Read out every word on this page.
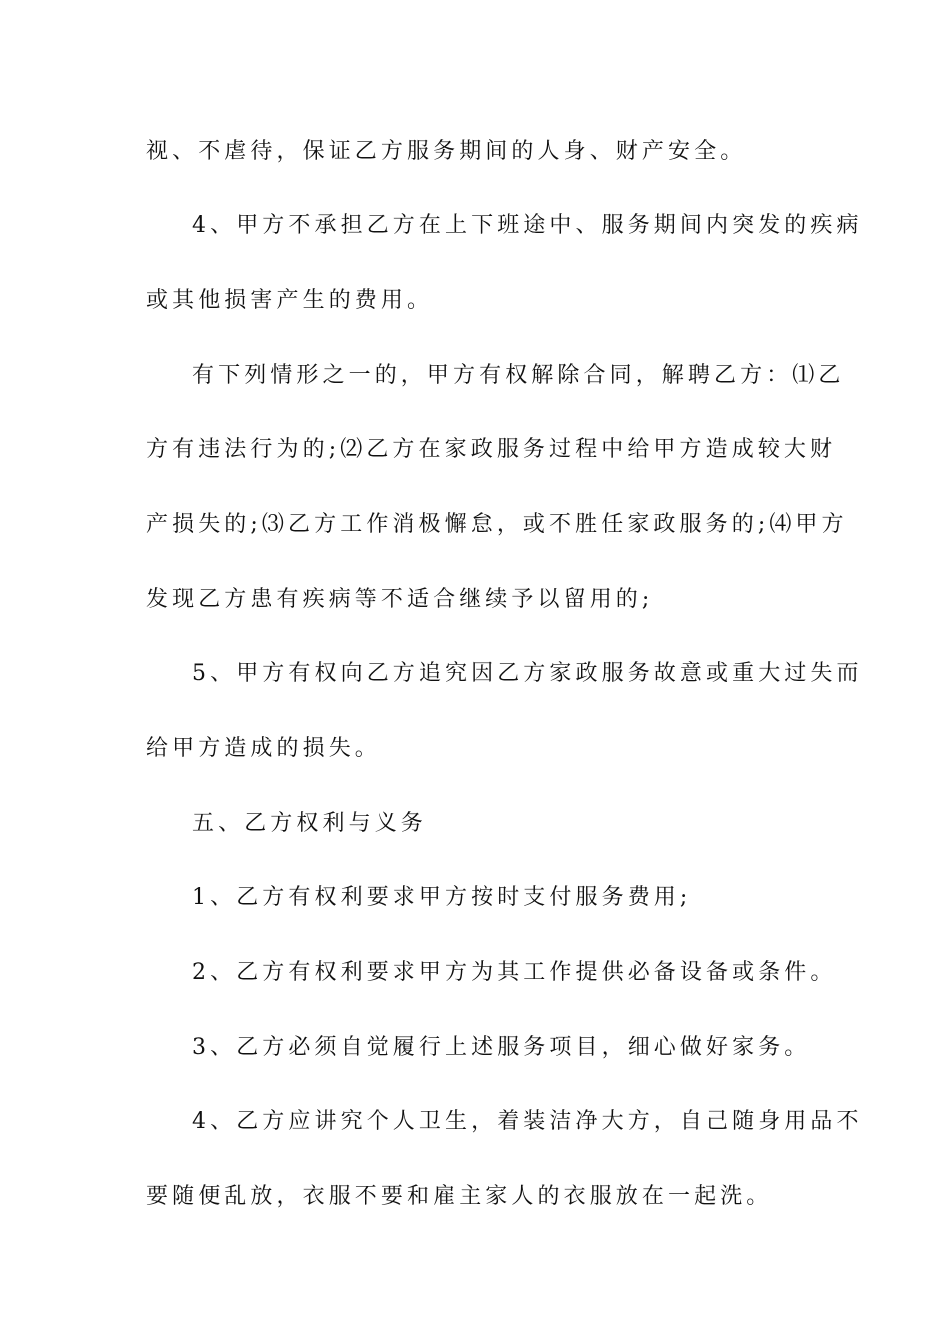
视、不虐待，保证乙方服务期间的人身、财产安全。
4、甲方不承担乙方在上下班途中、服务期间内突发的疾病
或其他损害产生的费用。
有下列情形之一的，甲方有权解除合同，解聘乙方：⑴乙
方有违法行为的;⑵乙方在家政服务过程中给甲方造成较大财
产损失的;⑶乙方工作消极懈怠，或不胜任家政服务的;⑷甲方
发现乙方患有疾病等不适合继续予以留用的;
5、甲方有权向乙方追究因乙方家政服务故意或重大过失而
给甲方造成的损失。
五、乙方权利与义务
1、乙方有权利要求甲方按时支付服务费用;
2、乙方有权利要求甲方为其工作提供必备设备或条件。
3、乙方必须自觉履行上述服务项目，细心做好家务。
4、乙方应讲究个人卫生，着装洁净大方，自己随身用品不
要随便乱放，衣服不要和雇主家人的衣服放在一起洗。
